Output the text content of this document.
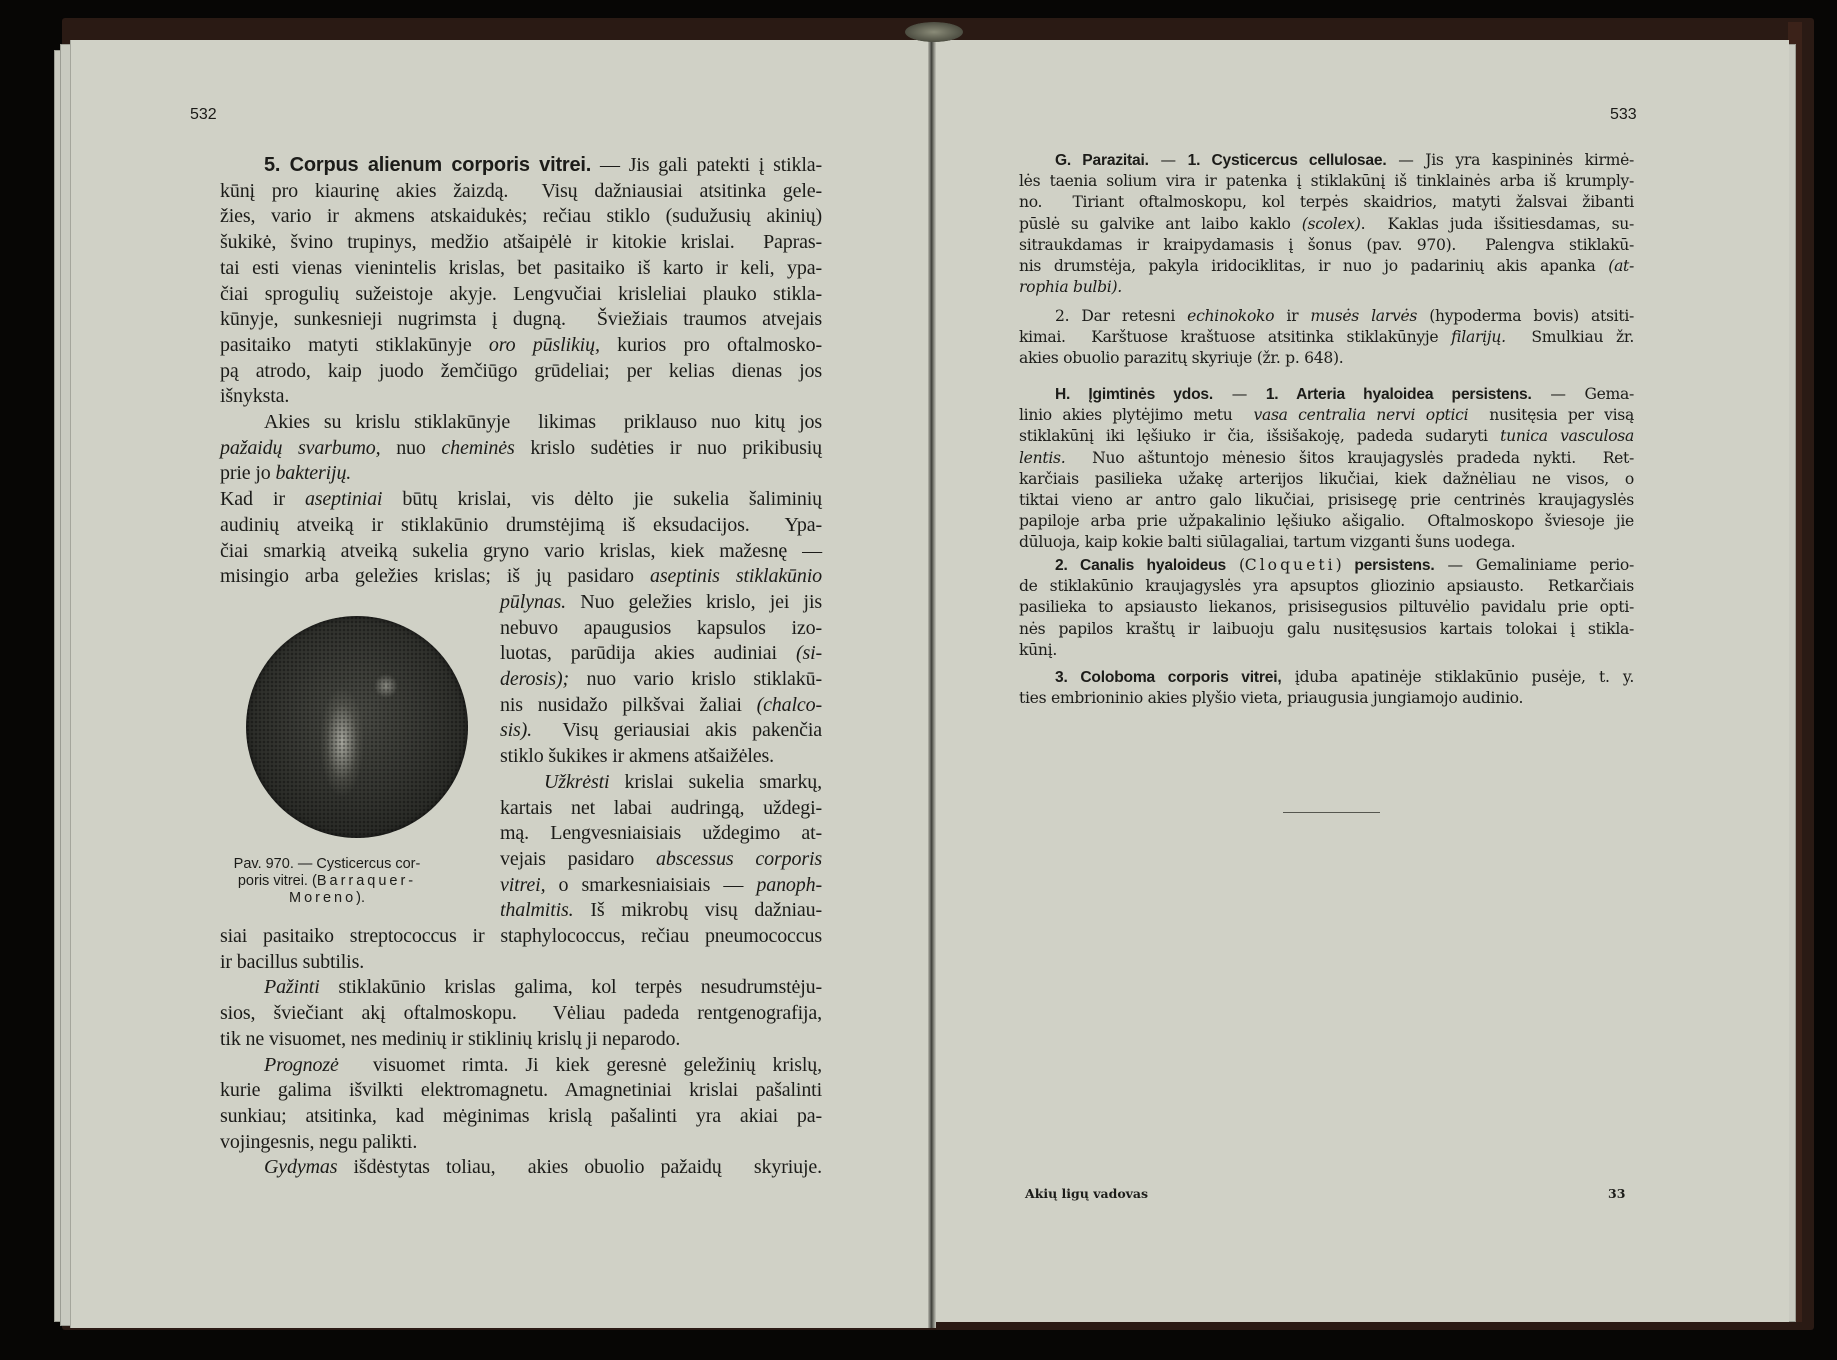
532	533
5. Corpus alienum corporis vitrei. — Jis gali patekti į stikla-
kūnį pro kiaurinę akies žaizdą.  Visų dažniausiai atsitinka gele-
žies, vario ir akmens atskaidukės; rečiau stiklo (sudužusių akinių)
šukikė, švino trupinys, medžio atšaipėlė ir kitokie krislai.  Papras-
tai esti vienas vienintelis krislas, bet pasitaiko iš karto ir keli, ypa-
čiai sprogulių sužeistoje akyje. Lengvučiai krisleliai plauko stikla-
kūnyje, sunkesnieji nugrimsta į dugną.  Šviežiais traumos atvejais
pasitaiko matyti stiklakūnyje oro pūslikių, kurios pro oftalmosko-
pą atrodo, kaip juodo žemčiūgo grūdeliai; per kelias dienas jos
išnyksta.
Akies su krislu stiklakūnyje  likimas  priklauso nuo kitų jos
pažaidų svarbumo, nuo cheminės krislo sudėties ir nuo prikibusių
prie jo bakterijų.
Kad ir aseptiniai būtų krislai, vis dėlto jie sukelia šaliminių
audinių atveiką ir stiklakūnio drumstėjimą iš eksudacijos.  Ypa-
čiai smarkią atveiką sukelia gryno vario krislas, kiek mažesnę —
misingio arba geležies krislas; iš jų pasidaro aseptinis stiklakūnio
pūlynas. Nuo geležies krislo, jei jis
nebuvo apaugusios kapsulos izo-
luotas, parūdija akies audiniai (si-
derosis); nuo vario krislo stiklakū-
nis nusidažo pilkšvai žaliai (chalco-
sis).  Visų geriausiai akis pakenčia
stiklo šukikes ir akmens atšaižėles.
Užkrėsti krislai sukelia smarkų,
kartais net labai audringą, uždegi-
mą. Lengvesniaisiais uždegimo at-
vejais pasidaro abscessus corporis
vitrei, o smarkesniaisiais — panoph-
thalmitis. Iš mikrobų visų dažniau-
siai pasitaiko streptococcus ir staphylococcus, rečiau pneumococcus
ir bacillus subtilis.
Pažinti stiklakūnio krislas galima, kol terpės nesudrumstėju-
sios, šviečiant akį oftalmoskopu.  Vėliau padeda rentgenografija,
tik ne visuomet, nes medinių ir stiklinių krislų ji neparodo.
Prognozė  visuomet rimta. Ji kiek geresnė geležinių krislų,
kurie galima išvilkti elektromagnetu. Amagnetiniai krislai pašalinti
sunkiau; atsitinka, kad mėginimas krislą pašalinti yra akiai pa-
vojingesnis, negu palikti.
Gydymas išdėstytas toliau,  akies obuolio pažaidų  skyriuje.
Pav. 970. — Cysticercus cor-
poris vitrei. (Barraquer-
Moreno).
G. Parazitai. — 1. Cysticercus cellulosae. — Jis yra kaspininės kirmė-
lės taenia solium vira ir patenka į stiklakūnį iš tinklainės arba iš krumply-
no.  Tiriant oftalmoskopu, kol terpės skaidrios, matyti žalsvai žibanti
pūslė su galvike ant laibo kaklo (scolex).  Kaklas juda išsitiesdamas, su-
sitraukdamas ir kraipydamasis į šonus (pav. 970).  Palengva stiklakū-
nis drumstėja, pakyla iridociklitas, ir nuo jo padarinių akis apanka (at-
rophia bulbi).
2. Dar retesni echinokoko ir musės larvės (hypoderma bovis) atsiti-
kimai.  Karštuose kraštuose atsitinka stiklakūnyje filarijų.  Smulkiau žr.
akies obuolio parazitų skyriuje (žr. p. 648).
H. Įgimtinės ydos. — 1. Arteria hyaloidea persistens. — Gema-
linio akies plytėjimo metu  vasa centralia nervi optici  nusitęsia per visą
stiklakūnį iki lęšiuko ir čia, išsišakoję, padeda sudaryti tunica vasculosa
lentis.  Nuo aštuntojo mėnesio šitos kraujagyslės pradeda nykti.  Ret-
karčiais pasilieka užakę arterijos likučiai, kiek dažnėliau ne visos, o
tiktai vieno ar antro galo likučiai, prisisegę prie centrinės kraujagyslės
papiloje arba prie užpakalinio lęšiuko ašigalio.  Oftalmoskopo šviesoje jie
dūluoja, kaip kokie balti siūlagaliai, tartum vizganti šuns uodega.
2. Canalis hyaloideus (Cloqueti) persistens. — Gemaliniame perio-
de stiklakūnio kraujagyslės yra apsuptos gliozinio apsiausto.  Retkarčiais
pasilieka to apsiausto liekanos, prisisegusios piltuvėlio pavidalu prie opti-
nės papilos kraštų ir laibuoju galu nusitęsusios kartais tolokai į stikla-
kūnį.
3. Coloboma corporis vitrei, įduba apatinėje stiklakūnio pusėje, t. y.
ties embrioninio akies plyšio vieta, priaugusia jungiamojo audinio.
Akių ligų vadovas	33
